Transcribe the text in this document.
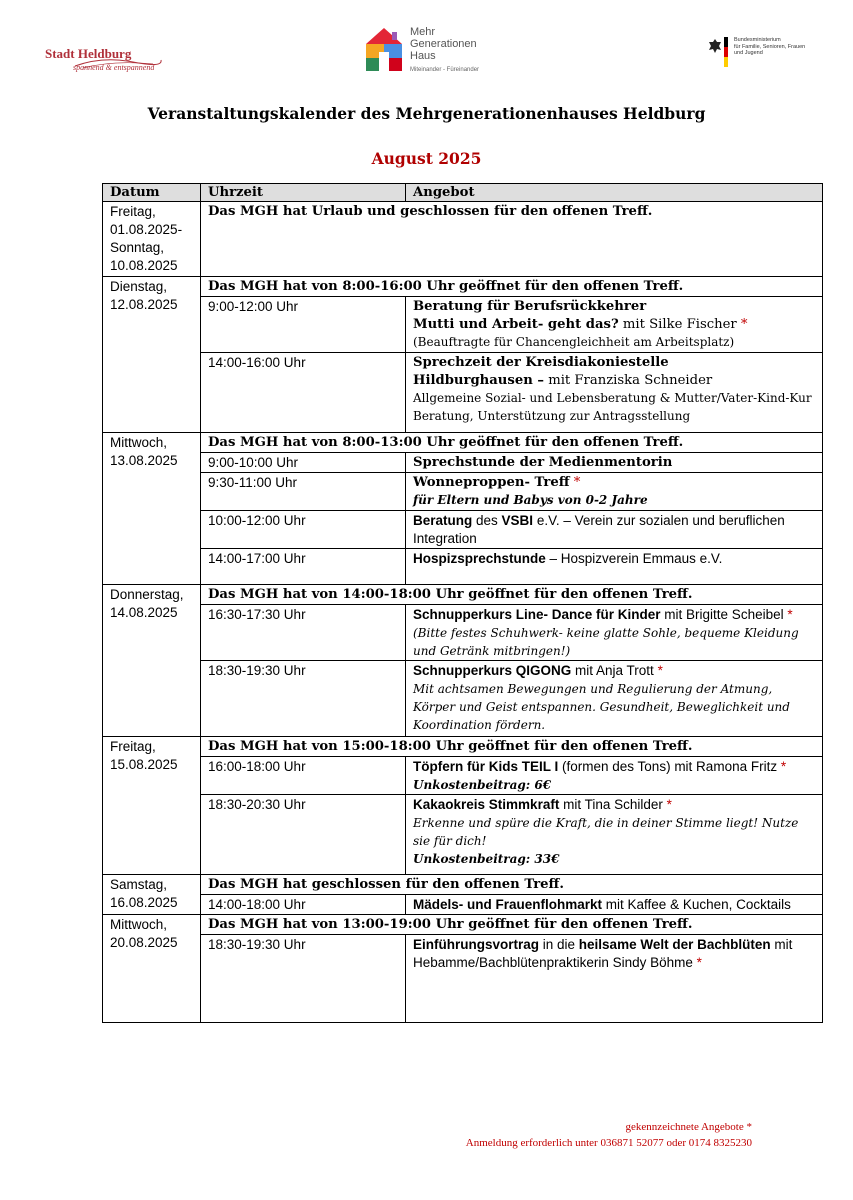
Stadt Heldburg
spannend & entspannend
Mehr
Generationen
Haus
Miteinander - Füreinander
Bundesministerium
für Familie, Senioren, Frauen
und Jugend
Veranstaltungskalender des Mehrgenerationenhauses Heldburg
August 2025
Datum	Uhrzeit	Angebot
Freitag,
01.08.2025-
Sonntag,
10.08.2025	Das MGH hat Urlaub und geschlossen für den offenen Treff.	
Dienstag,
12.08.2025	Das MGH hat von 8:00-16:00 Uhr geöffnet für den offenen Treff.	
	9:00-12:00 Uhr	Beratung für Berufsrückkehrer
Mutti und Arbeit- geht das? mit Silke Fischer *
(Beauftragte für Chancengleichheit am Arbeitsplatz)
	14:00-16:00 Uhr	Sprechzeit der Kreisdiakoniestelle
Hildburghausen – mit Franziska Schneider
Allgemeine Sozial- und Lebensberatung & Mutter/Vater-Kind-Kur Beratung, Unterstützung zur Antragsstellung
Mittwoch,
13.08.2025	Das MGH hat von 8:00-13:00 Uhr geöffnet für den offenen Treff.	
	9:00-10:00 Uhr	Sprechstunde der Medienmentorin
	9:30-11:00 Uhr	Wonneproppen- Treff *
für Eltern und Babys von 0-2 Jahre
	10:00-12:00 Uhr	Beratung des VSBI e.V. – Verein zur sozialen und beruflichen Integration
	14:00-17:00 Uhr	Hospizsprechstunde – Hospizverein Emmaus e.V.
Donnerstag,
14.08.2025	Das MGH hat von 14:00-18:00 Uhr geöffnet für den offenen Treff.	
	16:30-17:30 Uhr	Schnupperkurs Line- Dance für Kinder mit Brigitte Scheibel *
(Bitte festes Schuhwerk- keine glatte Sohle, bequeme Kleidung und Getränk mitbringen!)
	18:30-19:30 Uhr	Schnupperkurs QIGONG mit Anja Trott *
Mit achtsamen Bewegungen und Regulierung der Atmung, Körper und Geist entspannen. Gesundheit, Beweglichkeit und Koordination fördern.
Freitag,
15.08.2025	Das MGH hat von 15:00-18:00 Uhr geöffnet für den offenen Treff.	
	16:00-18:00 Uhr	Töpfern für Kids TEIL I (formen des Tons) mit Ramona Fritz *
Unkostenbeitrag: 6€
	18:30-20:30 Uhr	Kakaokreis Stimmkraft mit Tina Schilder *
Erkenne und spüre die Kraft, die in deiner Stimme liegt! Nutze sie für dich!
Unkostenbeitrag: 33€
Samstag,
16.08.2025	Das MGH hat geschlossen für den offenen Treff.	
	14:00-18:00 Uhr	Mädels- und Frauenflohmarkt mit Kaffee & Kuchen, Cocktails
Mittwoch,
20.08.2025	Das MGH hat von 13:00-19:00 Uhr geöffnet für den offenen Treff.	
	18:30-19:30 Uhr	Einführungsvortrag in die heilsame Welt der Bachblüten mit Hebamme/Bachblütenpraktikerin Sindy Böhme *
gekennzeichnete Angebote *
Anmeldung erforderlich unter 036871 52077 oder 0174 8325230
